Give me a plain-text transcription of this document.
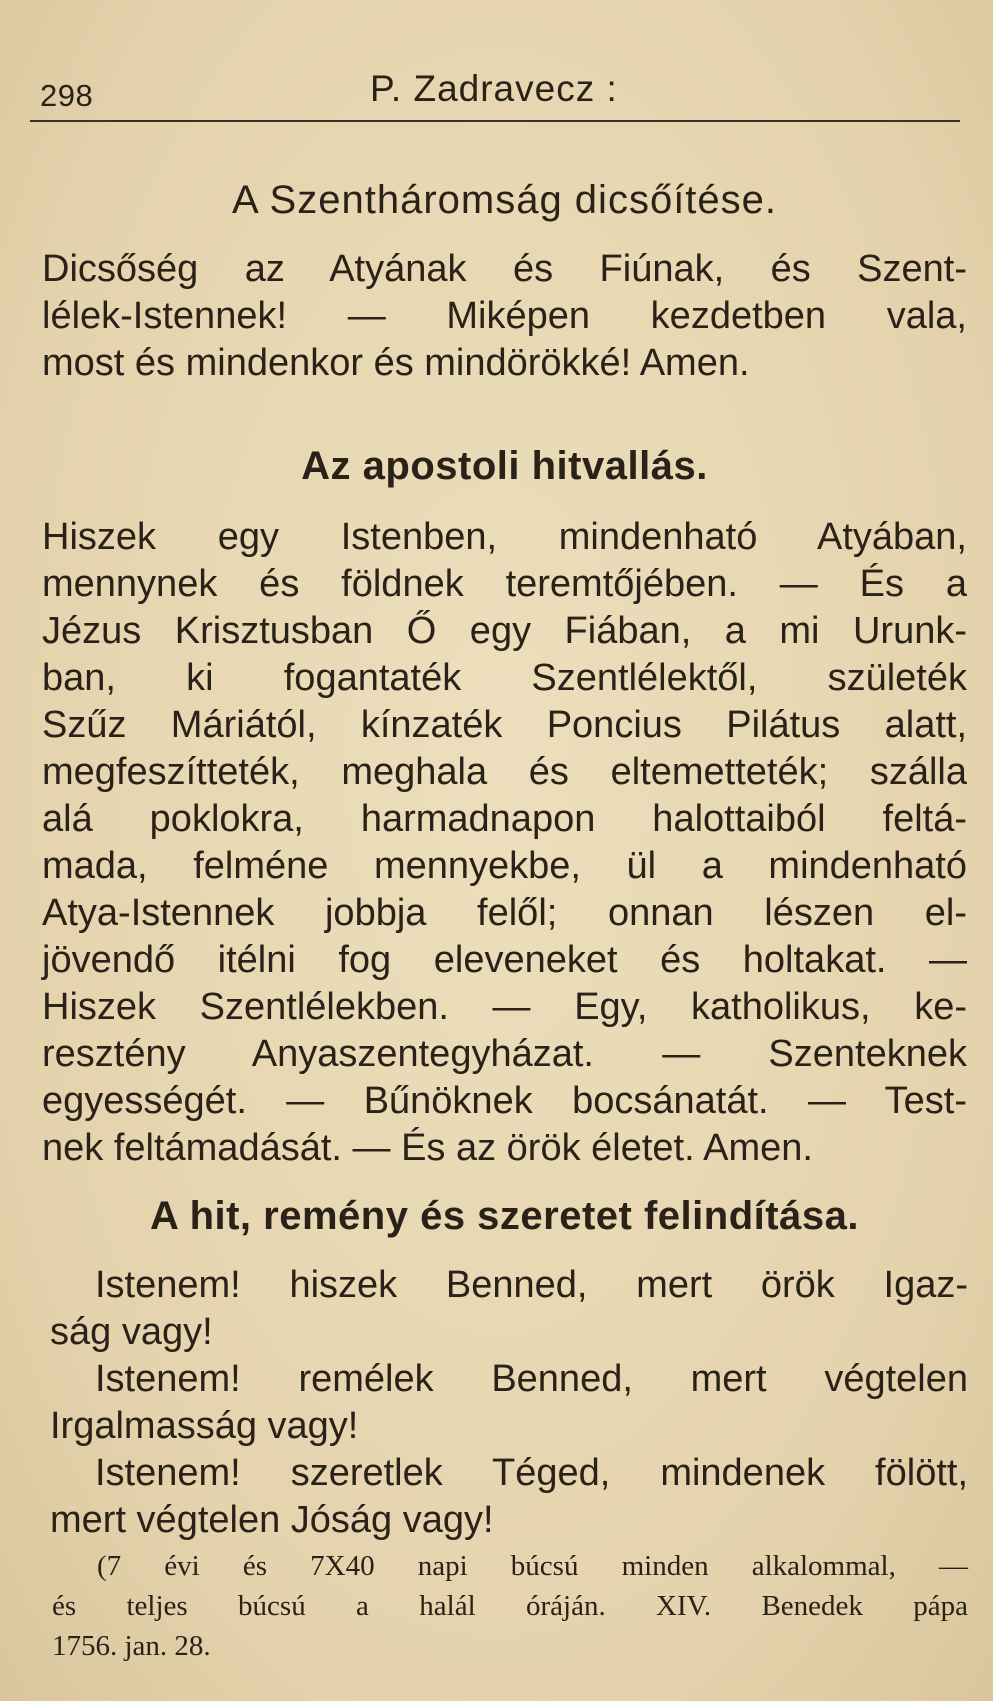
298	P. Zadravecz :
A Szentháromság dicsőítése.
Dicsőség az Atyának és Fiúnak, és Szent-
lélek-Istennek! — Miképen kezdetben vala,
most és mindenkor és mindörökké! Amen.
Az apostoli hitvallás.
Hiszek egy Istenben, mindenható Atyában,
mennynek és földnek teremtőjében. — És a
Jézus Krisztusban Ő egy Fiában, a mi Urunk-
ban, ki fogantaték Szentlélektől, születék
Szűz Máriától, kínzaték Poncius Pilátus alatt,
megfeszítteték, meghala és eltemetteték; szálla
alá poklokra, harmadnapon halottaiból feltá-
mada, felméne mennyekbe, ül a mindenható
Atya-Istennek jobbja felől; onnan lészen el-
jövendő itélni fog eleveneket és holtakat. —
Hiszek Szentlélekben. — Egy, katholikus, ke-
resztény Anyaszentegyházat. — Szenteknek
egyességét. — Bűnöknek bocsánatát. — Test-
nek feltámadását. — És az örök életet. Amen.
A hit, remény és szeretet felindítása.
Istenem! hiszek Benned, mert örök Igaz-
ság vagy!
Istenem! remélek Benned, mert végtelen
Irgalmasság vagy!
Istenem! szeretlek Téged, mindenek fölött,
mert végtelen Jóság vagy!
(7 évi és 7X40 napi búcsú minden alkalommal, —
és teljes búcsú a halál óráján. XIV. Benedek pápa
1756. jan. 28.
